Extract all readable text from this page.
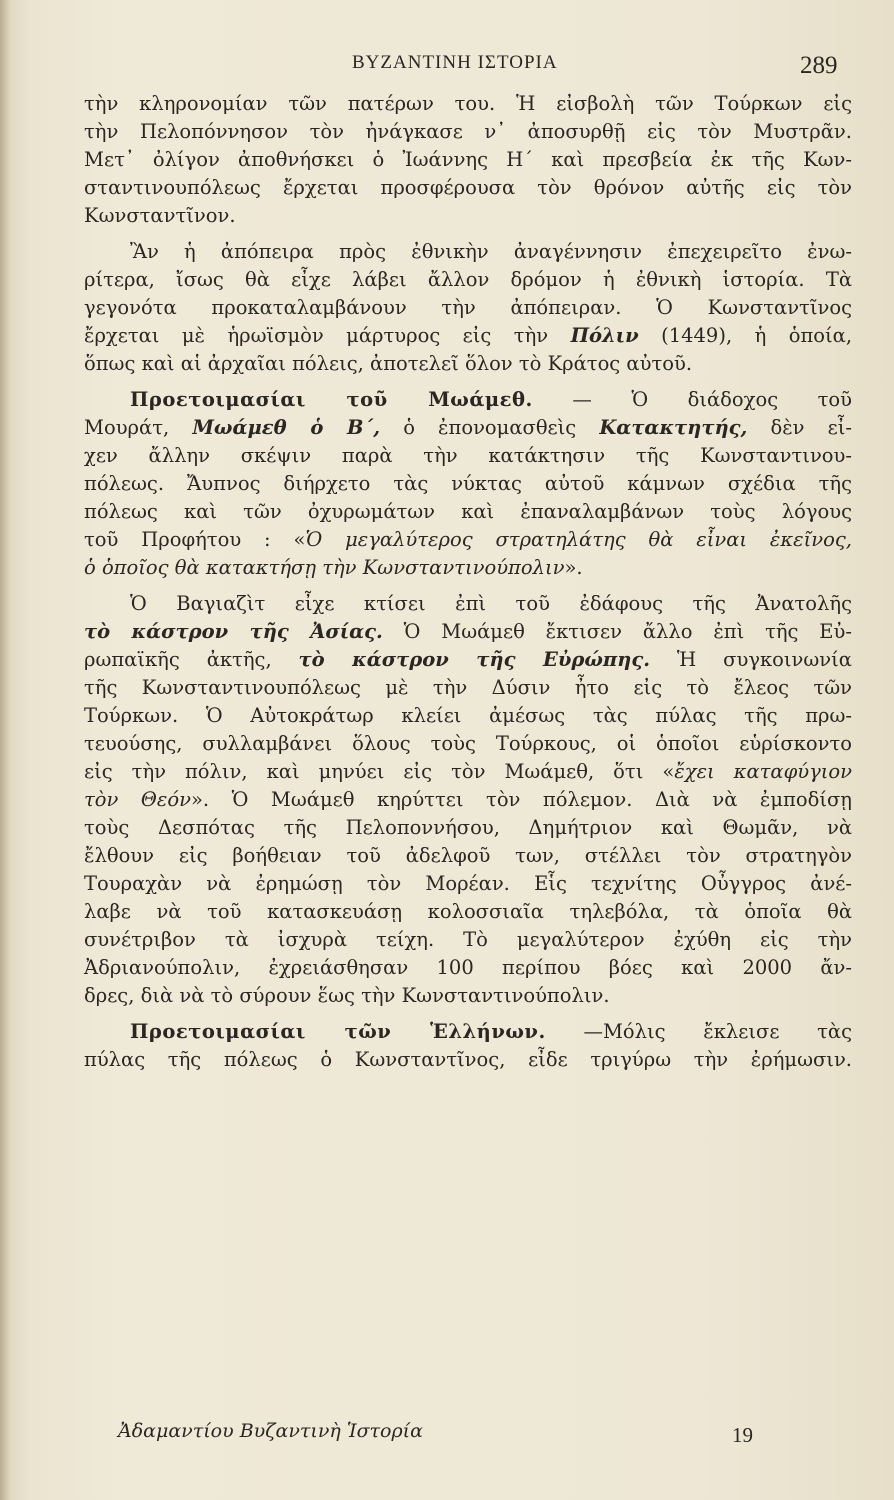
ΒΥΖΑΝΤΙΝΗ ΙΣΤΟΡΙΑ	289
τὴν κληρονομίαν τῶν πατέρων του. Ἡ εἰσβολὴ τῶν Τούρκων εἰς
τὴν Πελοπόννησον τὸν ἠνάγκασε ν᾽ ἀποσυρθῇ εἰς τὸν Μυστρᾶν.
Μετ᾽ ὀλίγον ἀποθνήσκει ὁ Ἰωάννης Η´ καὶ πρεσβεία ἐκ τῆς Κων-
σταντινουπόλεως ἔρχεται προσφέρουσα τὸν θρόνον αὐτῆς εἰς τὸν
Κωνσταντῖνον.
Ἂν ἡ ἀπόπειρα πρὸς ἐθνικὴν ἀναγέννησιν ἐπεχειρεῖτο ἐνω-
ρίτερα, ἴσως θὰ εἶχε λάβει ἄλλον δρόμον ἡ ἐθνικὴ ἱστορία. Τὰ
γεγονότα προκαταλαμβάνουν τὴν ἀπόπειραν. Ὁ Κωνσταντῖνος
ἔρχεται μὲ ἡρωϊσμὸν μάρτυρος εἰς τὴν Πόλιν (1449), ἡ ὁποία,
ὅπως καὶ αἱ ἀρχαῖαι πόλεις, ἀποτελεῖ ὅλον τὸ Κράτος αὐτοῦ.
Προετοιμασίαι τοῦ Μωάμεθ. — Ὁ διάδοχος τοῦ
Μουράτ, Μωάμεθ ὁ Β´, ὁ ἐπονομασθεὶς Κατακτητής, δὲν εἶ-
χεν ἄλλην σκέψιν παρὰ τὴν κατάκτησιν τῆς Κωνσταντινου-
πόλεως. Ἄυπνος διήρχετο τὰς νύκτας αὐτοῦ κάμνων σχέδια τῆς
πόλεως καὶ τῶν ὀχυρωμάτων καὶ ἐπαναλαμβάνων τοὺς λόγους
τοῦ Προφήτου : «Ὁ μεγαλύτερος στρατηλάτης θὰ εἶναι ἐκεῖνος,
ὁ ὁποῖος θὰ κατακτήσῃ τὴν Κωνσταντινούπολιν».
Ὁ Βαγιαζὶτ εἶχε κτίσει ἐπὶ τοῦ ἐδάφους τῆς Ἀνατολῆς
τὸ κάστρον τῆς Ἀσίας. Ὁ Μωάμεθ ἔκτισεν ἄλλο ἐπὶ τῆς Εὐ-
ρωπαϊκῆς ἀκτῆς, τὸ κάστρον τῆς Εὐρώπης. Ἡ συγκοινωνία
τῆς Κωνσταντινουπόλεως μὲ τὴν Δύσιν ἦτο εἰς τὸ ἔλεος τῶν
Τούρκων. Ὁ Αὐτοκράτωρ κλείει ἀμέσως τὰς πύλας τῆς πρω-
τευούσης, συλλαμβάνει ὅλους τοὺς Τούρκους, οἱ ὁποῖοι εὑρίσκοντο
εἰς τὴν πόλιν, καὶ μηνύει εἰς τὸν Μωάμεθ, ὅτι «ἔχει καταφύγιον
τὸν Θεόν». Ὁ Μωάμεθ κηρύττει τὸν πόλεμον. Διὰ νὰ ἐμποδίσῃ
τοὺς Δεσπότας τῆς Πελοποννήσου, Δημήτριον καὶ Θωμᾶν, νὰ
ἔλθουν εἰς βοήθειαν τοῦ ἀδελφοῦ των, στέλλει τὸν στρατηγὸν
Τουραχὰν νὰ ἐρημώσῃ τὸν Μορέαν. Εἷς τεχνίτης Οὖγγρος ἀνέ-
λαβε νὰ τοῦ κατασκευάσῃ κολοσσιαῖα τηλεβόλα, τὰ ὁποῖα θὰ
συνέτριβον τὰ ἰσχυρὰ τείχη. Τὸ μεγαλύτερον ἐχύθη εἰς τὴν
Ἀδριανούπολιν, ἐχρειάσθησαν 100 περίπου βόες καὶ 2000 ἄν-
δρες, διὰ νὰ τὸ σύρουν ἕως τὴν Κωνσταντινούπολιν.
Προετοιμασίαι τῶν Ἑλλήνων. —Μόλις ἔκλεισε τὰς
πύλας τῆς πόλεως ὁ Κωνσταντῖνος, εἶδε τριγύρω τὴν ἐρήμωσιν.
Ἀδαμαντίου Βυζαντινὴ Ἱστορία	19
